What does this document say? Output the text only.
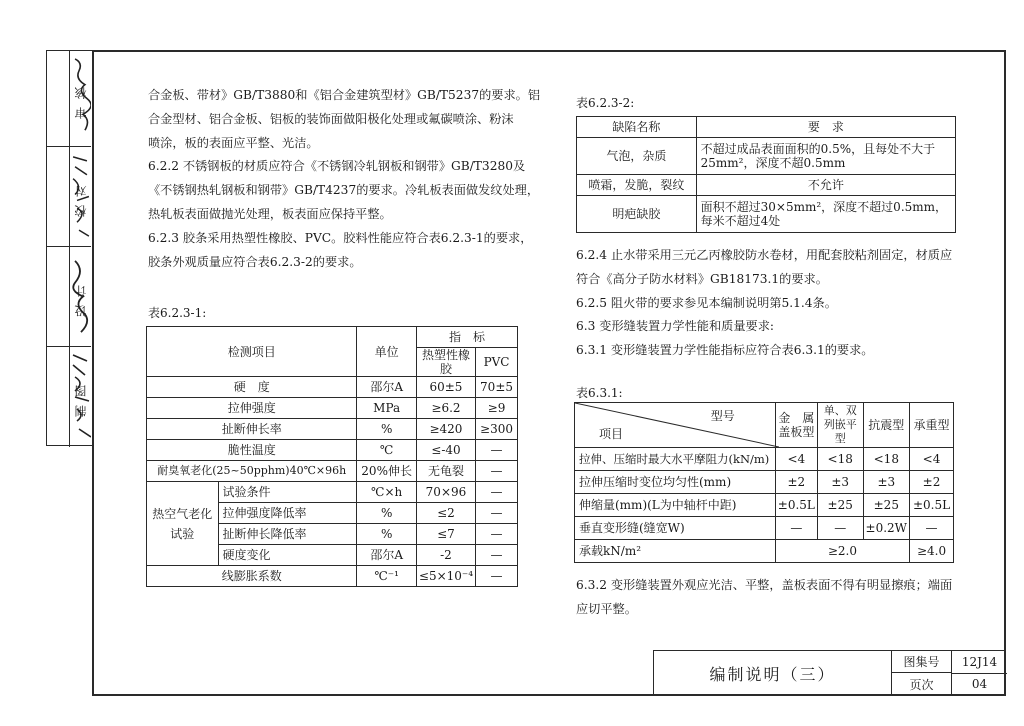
审核
校对
设计
制图
合金板、带材》GB/T3880和《铝合金建筑型材》GB/T5237的要求。铝
合金型材、铝合金板、铝板的装饰面做阳极化处理或氟碳喷涂、粉沫
喷涂，板的表面应平整、光洁。
6.2.2 不锈钢板的材质应符合《不锈钢冷轧钢板和钢带》GB/T3280及
《不锈钢热轧钢板和钢带》GB/T4237的要求。冷轧板表面做发纹处理，
热轧板表面做抛光处理，板表面应保持平整。
6.2.3 胶条采用热塑性橡胶、PVC。胶料性能应符合表6.2.3-1的要求，
胶条外观质量应符合表6.2.3-2的要求。
表6.2.3-1:
检测项目		单位	指　标	
			热塑性橡胶	PVC
硬　度		邵尔A	60±5	70±5
拉伸强度		MPa	≥6.2	≥9
扯断伸长率		%	≥420	≥300
脆性温度		℃	≤-40	—
耐臭氧老化(25~50pphm)40℃×96h		20%伸长	无龟裂	—
热空气老化试验	试验条件	℃×h	70×96	—
	拉伸强度降低率	%	≤2	—
	扯断伸长降低率	%	≤7	—
	硬度变化	邵尔A	-2	—
线膨胀系数		℃⁻¹	≤5×10⁻⁴	—
表6.2.3-2:
缺陷名称	要　求
气泡，杂质	不超过成品表面面积的0.5%，且每处不大于25mm²，深度不超0.5mm
喷霜，发脆，裂纹	不允许
明疤缺胶	面积不超过30×5mm²，深度不超过0.5mm，每米不超过4处
6.2.4 止水带采用三元乙丙橡胶防水卷材，用配套胶粘剂固定，材质应
符合《高分子防水材料》GB18173.1的要求。
6.2.5 阻火带的要求参见本编制说明第5.1.4条。
6.3 变形缝装置力学性能和质量要求:
6.3.1 变形缝装置力学性能指标应符合表6.3.1的要求。
表6.3.1:
型号
项目	金　属盖板型	单、双列嵌平型	抗震型	承重型
拉伸、压缩时最大水平摩阻力(kN/m)	<4	<18	<18	<4
拉伸压缩时变位均匀性(mm)	±2	±3	±3	±2
伸缩量(mm)(L为中轴杆中距)	±0.5L	±25	±25	±0.5L
垂直变形缝(缝宽W)	—	—	±0.2W	—
承载kN/m²	≥2.0			≥4.0
6.3.2 变形缝装置外观应光洁、平整，盖板表面不得有明显擦痕；端面
应切平整。
编制说明（三）
图集号	12J14
页次	04
